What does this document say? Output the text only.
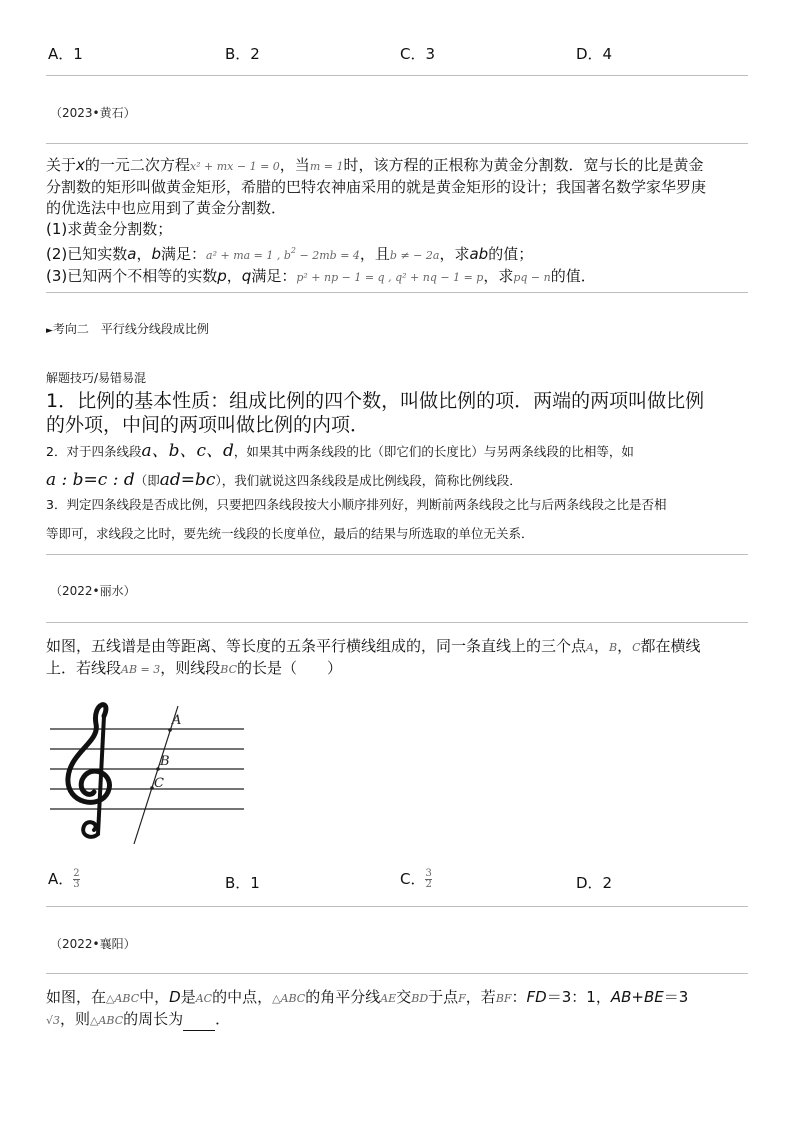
A．1	B．2	C．3	D．4
（2023•黄石）
关于x的一元二次方程x² + mx − 1 = 0，当m = 1时，该方程的正根称为黄金分割数．宽与长的比是黄金
分割数的矩形叫做黄金矩形，希腊的巴特农神庙采用的就是黄金矩形的设计；我国著名数学家华罗庚
的优选法中也应用到了黄金分割数．
(1)求黄金分割数；
(2)已知实数a，b满足：a² + ma = 1 , $b^2 - 2mb = 4$，且b ≠ − 2a，求ab的值；
(3)已知两个不相等的实数p，q满足：p² + np − 1 = q , q² + nq − 1 = p，求pq − n的值．
►考向二　平行线分线段成比例
解题技巧/易错易混
1．比例的基本性质：组成比例的四个数，叫做比例的项．两端的两项叫做比例
的外项，中间的两项叫做比例的内项．
2．对于四条线段a、b、c、d，如果其中两条线段的比（即它们的长度比）与另两条线段的比相等，如
a : b=c : d（即ad=bc），我们就说这四条线段是成比例线段，简称比例线段．
3．判定四条线段是否成比例，只要把四条线段按大小顺序排列好，判断前两条线段之比与后两条线段之比是否相
等即可，求线段之比时，要先统一线段的长度单位，最后的结果与所选取的单位无关系．
（2022•丽水）
如图，五线谱是由等距离、等长度的五条平行横线组成的，同一条直线上的三个点A，B，C都在横线
上．若线段AB = 3，则线段BC的长是（　　）
A
B
C
A． $\frac{2}{3}$	B．1	C． $\frac{3}{2}$	D．2
（2022•襄阳）
如图，在△ABC中，D是AC的中点，△ABC的角平分线AE交BD于点F，若BF：FD＝3：1，AB+BE＝3
√3，则△ABC的周长为 ．
